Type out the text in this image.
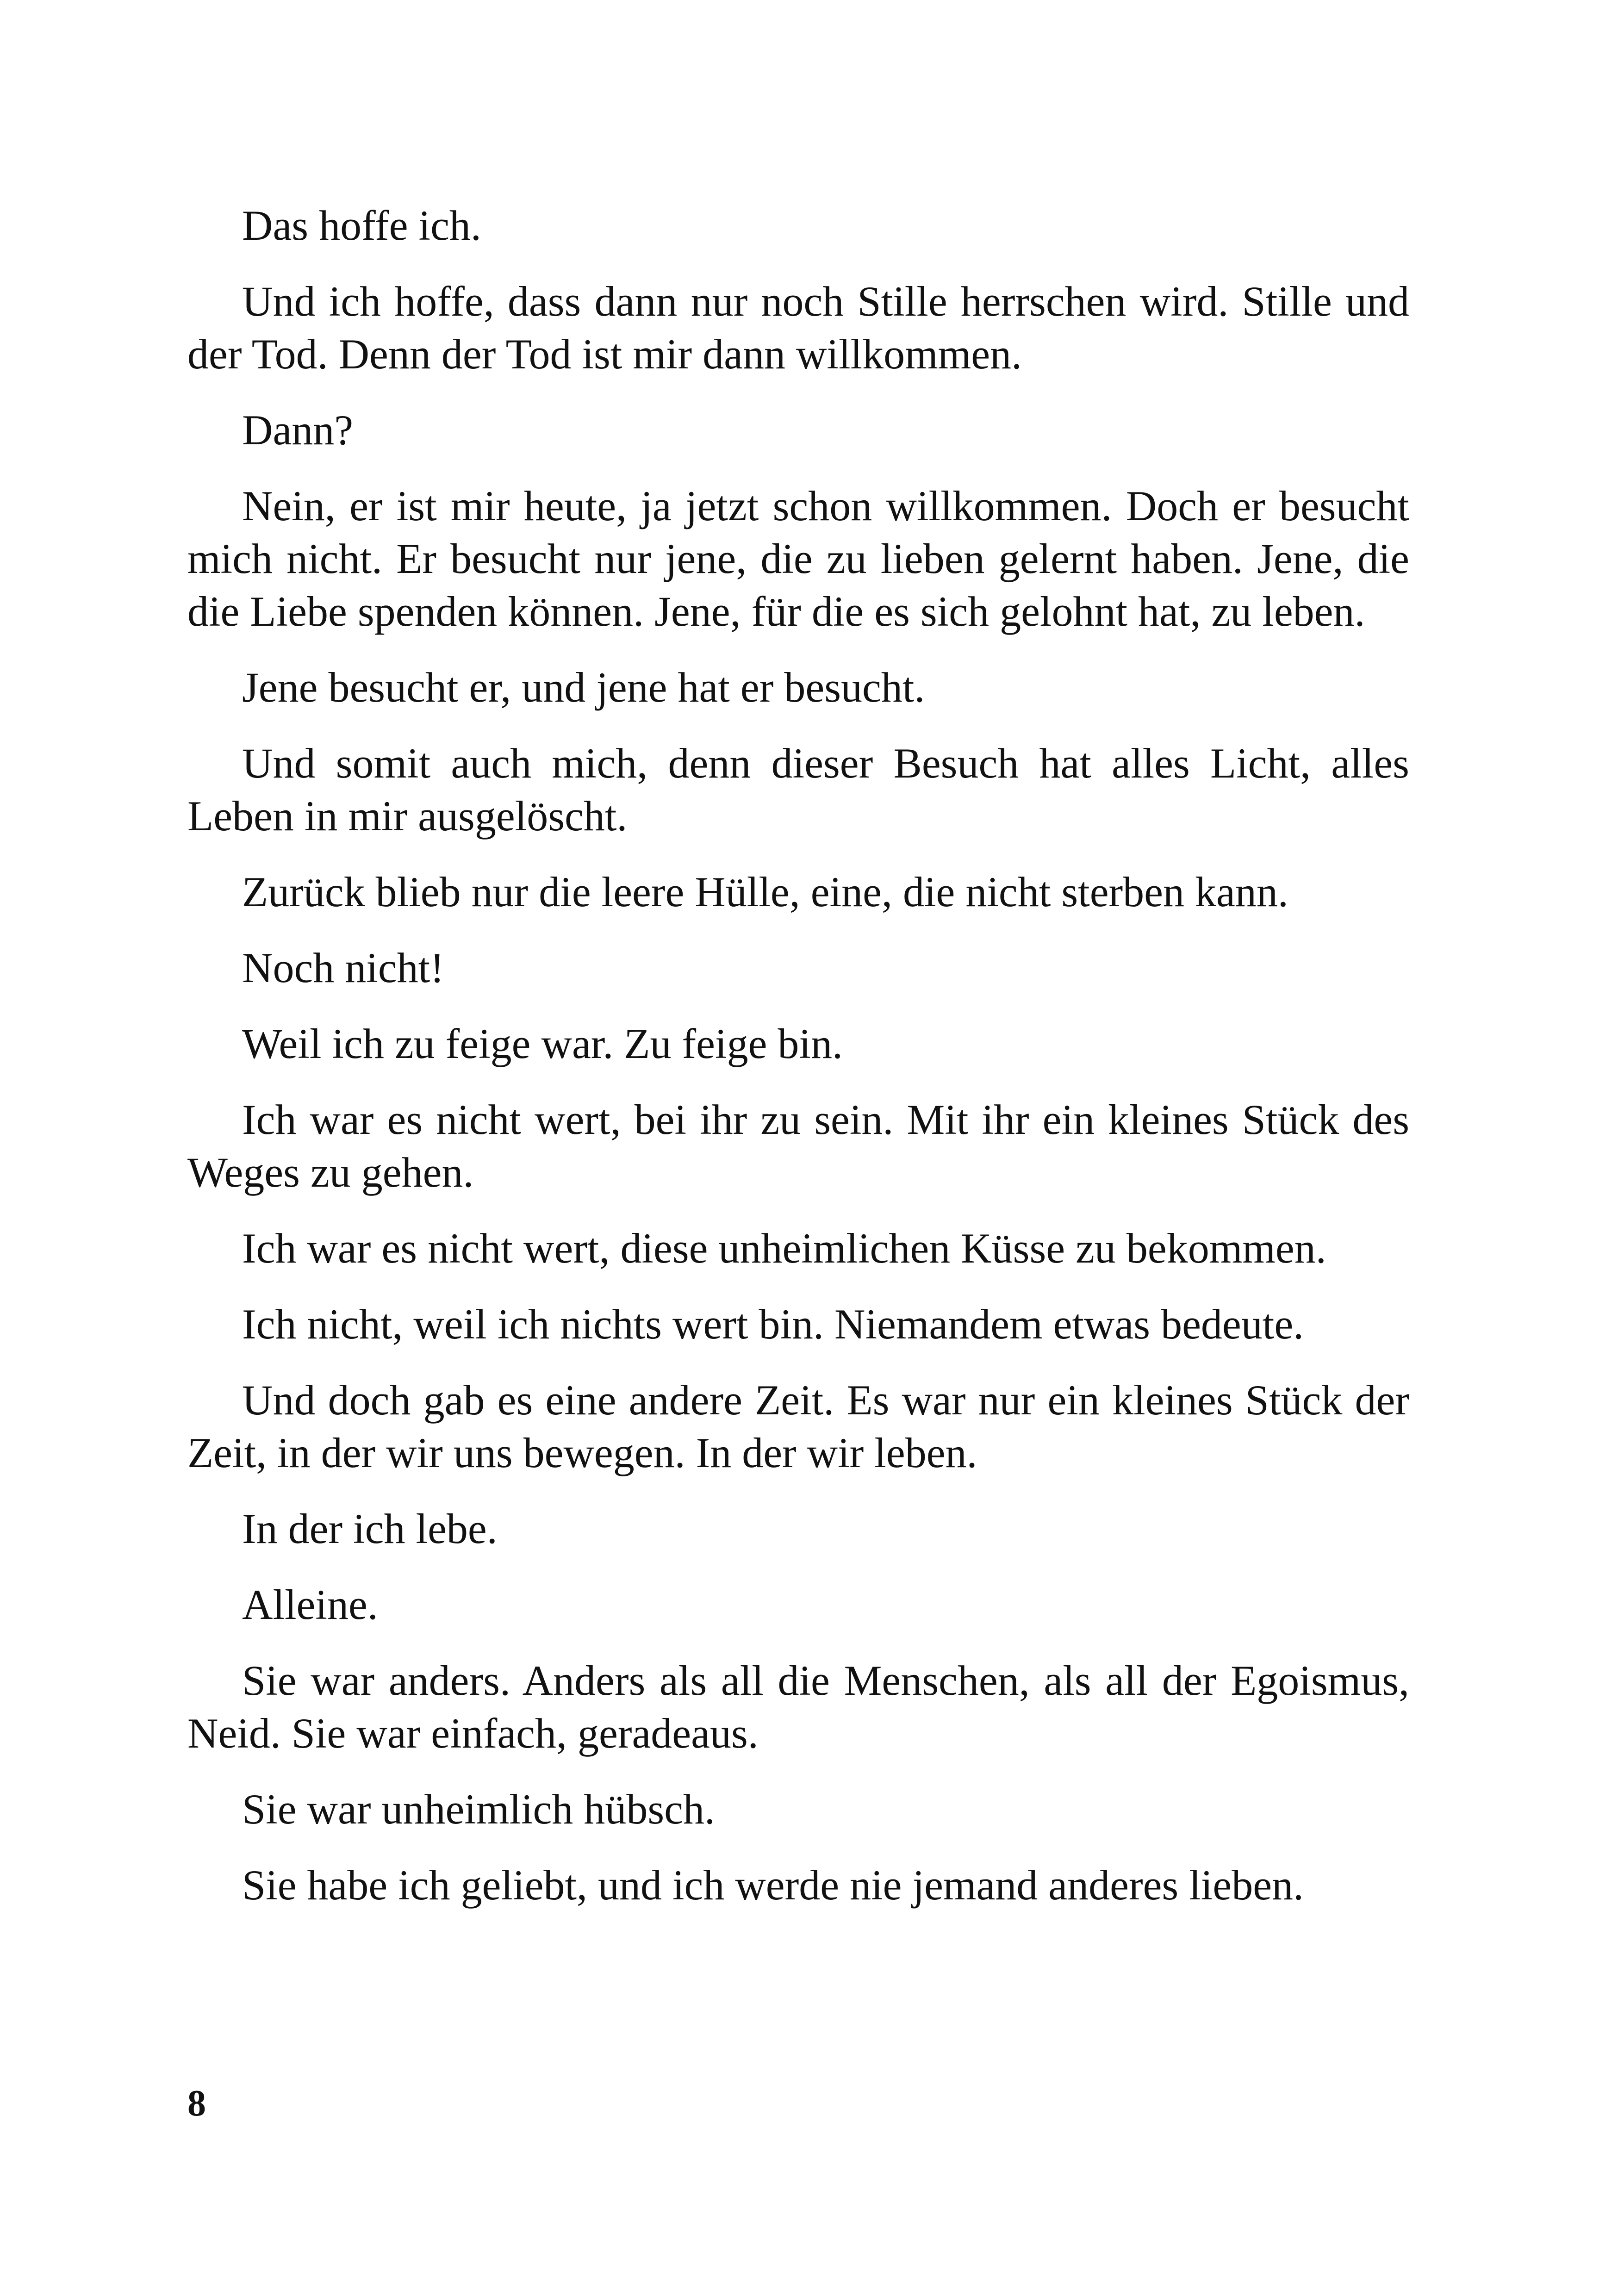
Das hoffe ich.

Und ich hoffe, dass dann nur noch Stille herrschen wird. Stille und der Tod. Denn der Tod ist mir dann willkommen.

Dann?

Nein, er ist mir heute, ja jetzt schon willkommen. Doch er besucht mich nicht. Er besucht nur jene, die zu lieben gelernt haben. Jene, die die Liebe spenden können. Jene, für die es sich gelohnt hat, zu leben.

Jene besucht er, und jene hat er besucht.

Und somit auch mich, denn dieser Besuch hat alles Licht, alles Leben in mir ausgelöscht.

Zurück blieb nur die leere Hülle, eine, die nicht sterben kann.

Noch nicht!

Weil ich zu feige war. Zu feige bin.

Ich war es nicht wert, bei ihr zu sein. Mit ihr ein kleines Stück des Weges zu gehen.

Ich war es nicht wert, diese unheimlichen Küsse zu bekommen.

Ich nicht, weil ich nichts wert bin. Niemandem etwas bedeute.

Und doch gab es eine andere Zeit. Es war nur ein kleines Stück der Zeit, in der wir uns bewegen. In der wir leben.

In der ich lebe.

Alleine.

Sie war anders. Anders als all die Menschen, als all der Egoismus, Neid. Sie war einfach, geradeaus.

Sie war unheimlich hübsch.

Sie habe ich geliebt, und ich werde nie jemand anderes lieben.

8
